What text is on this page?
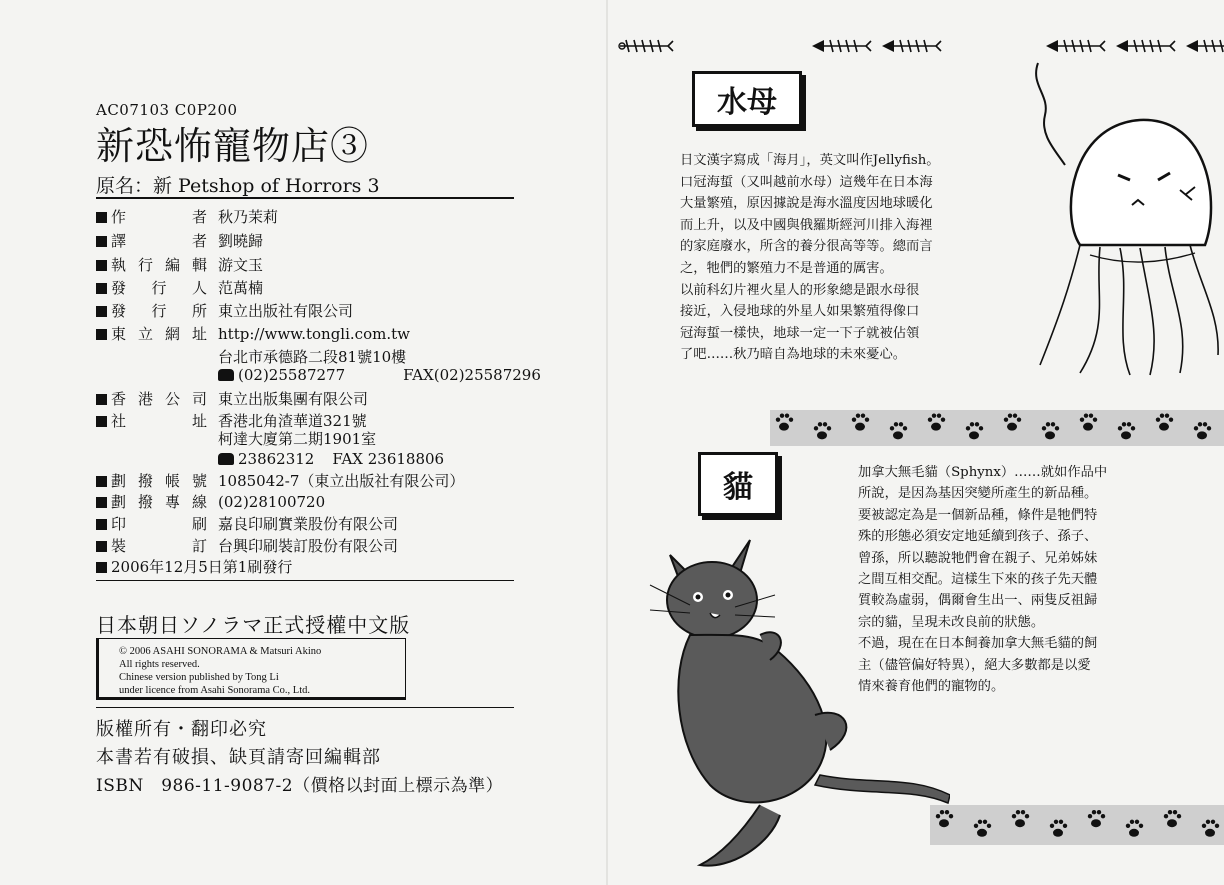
AC07103 C0P200
新恐怖寵物店③
原名：新 Petshop of Horrors 3
作　　者 秋乃茉莉
譯　　者 劉曉歸
執行編輯 游文玉
發 行 人 范萬楠
發 行 所 東立出版社有限公司
東立網址 http://www.tongli.com.tw
台北市承德路二段81號10樓
(02)25587277	FAX(02)25587296
香港公司 東立出版集團有限公司
社　　址 香港北角渣華道321號
柯達大廈第二期1901室
23862312 FAX 23618806
劃撥帳號 1085042-7（東立出版社有限公司）
劃撥專線 (02)28100720
印　　刷 嘉良印刷實業股份有限公司
裝　　訂 台興印刷裝訂股份有限公司
2006年12月5日第1刷發行
日本朝日ソノラマ正式授權中文版
© 2006 ASAHI SONORAMA & Matsuri Akino
All rights reserved.
Chinese version published by Tong Li
under licence from Asahi Sonorama Co., Ltd.
版權所有・翻印必究
本書若有破損、缺頁請寄回編輯部
ISBN　986-11-9087-2（價格以封面上標示為準）
水母
日文漢字寫成「海月」，英文叫作Jellyfish。
口冠海蜇（又叫越前水母）這幾年在日本海
大量繁殖，原因據說是海水溫度因地球暖化
而上升，以及中國與俄羅斯經河川排入海裡
的家庭廢水，所含的養分很高等等。總而言
之，牠們的繁殖力不是普通的厲害。
以前科幻片裡火星人的形象總是跟水母很
接近，入侵地球的外星人如果繁殖得像口
冠海蜇一樣快，地球一定一下子就被佔領
了吧……秋乃暗自為地球的未來憂心。
貓	加拿大無毛貓（Sphynx）……就如作品中
所說，是因為基因突變所產生的新品種。
要被認定為是一個新品種，條件是牠們特
殊的形態必須安定地延續到孩子、孫子、
曾孫，所以聽說牠們會在親子、兄弟姊妹
之間互相交配。這樣生下來的孩子先天體
質較為虛弱，偶爾會生出一、兩隻反祖歸
宗的貓，呈現未改良前的狀態。
不過，現在在日本飼養加拿大無毛貓的飼
主（儘管偏好特異），絕大多數都是以愛
情來養育他們的寵物的。
